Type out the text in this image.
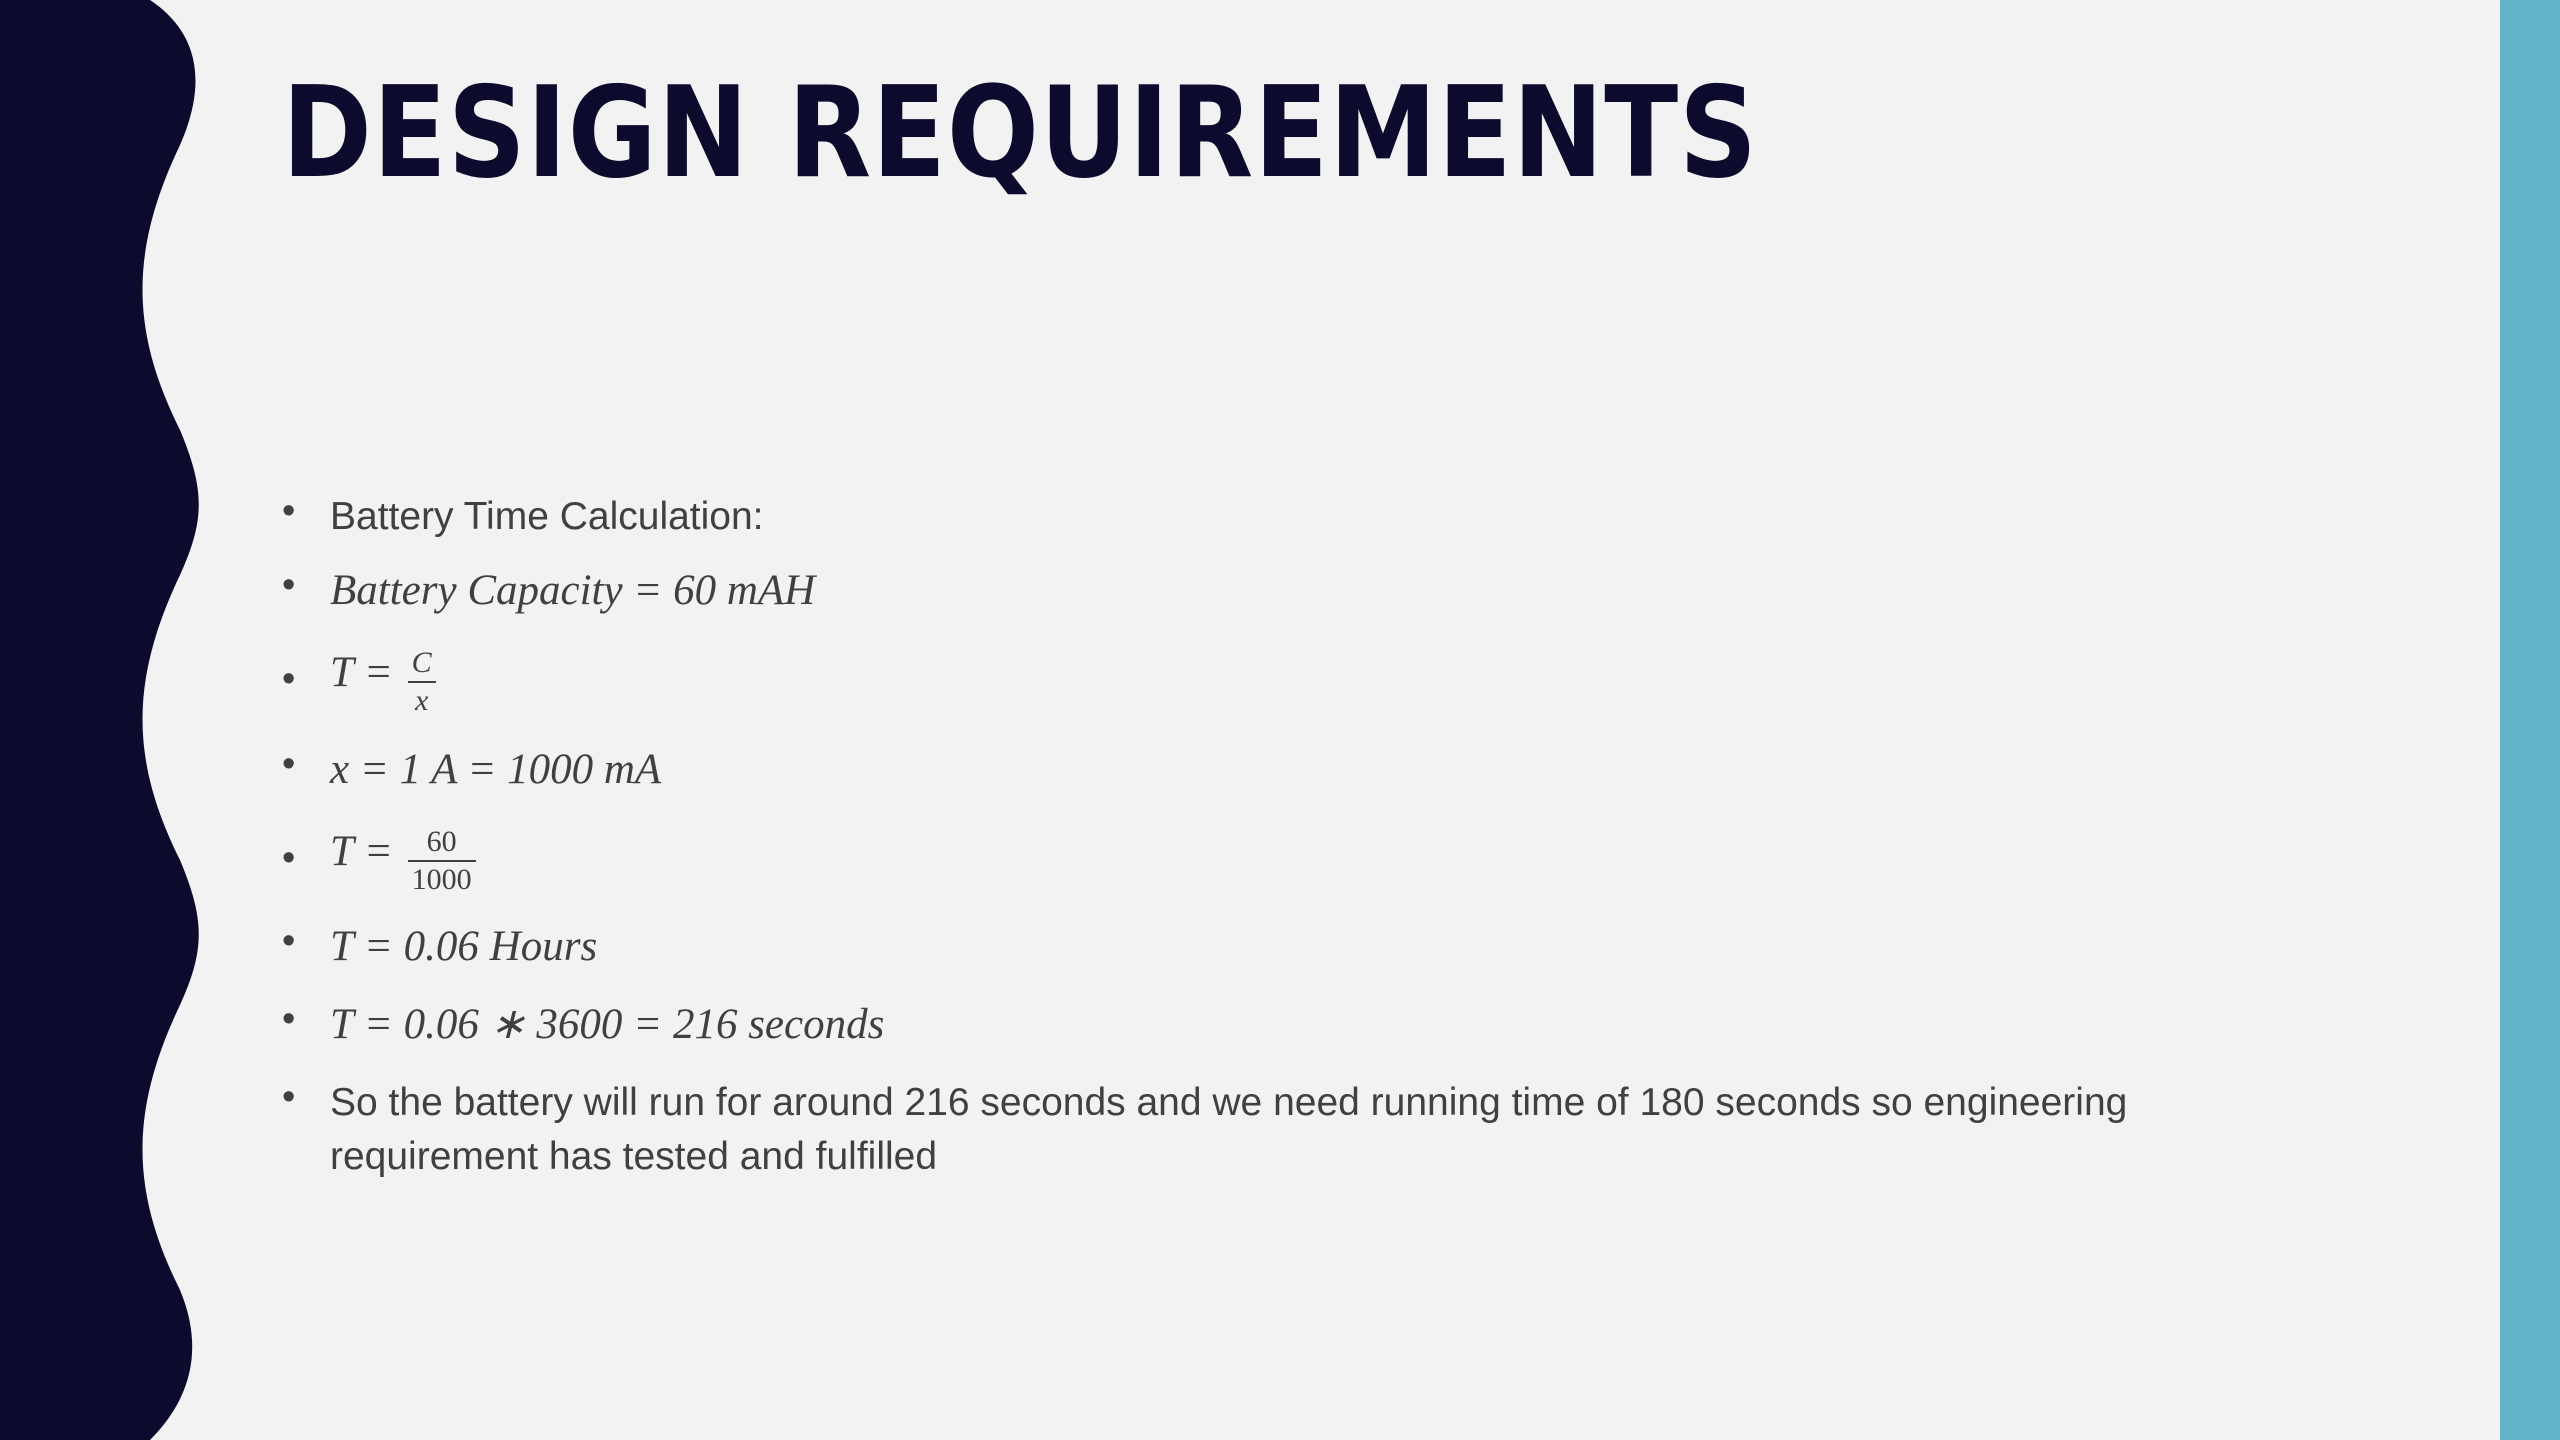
DESIGN REQUIREMENTS
• Battery Time Calculation:
• Battery Capacity = 60 mAH
• $T = \frac{C}{x}$
• x = 1 A = 1000 mA
• $T = \frac{60}{1000}$
• T = 0.06 Hours
• T = 0.06 ∗ 3600 = 216 seconds
• So the battery will run for around 216 seconds and we need running time of 180 seconds so engineering requirement has tested and fulfilled
